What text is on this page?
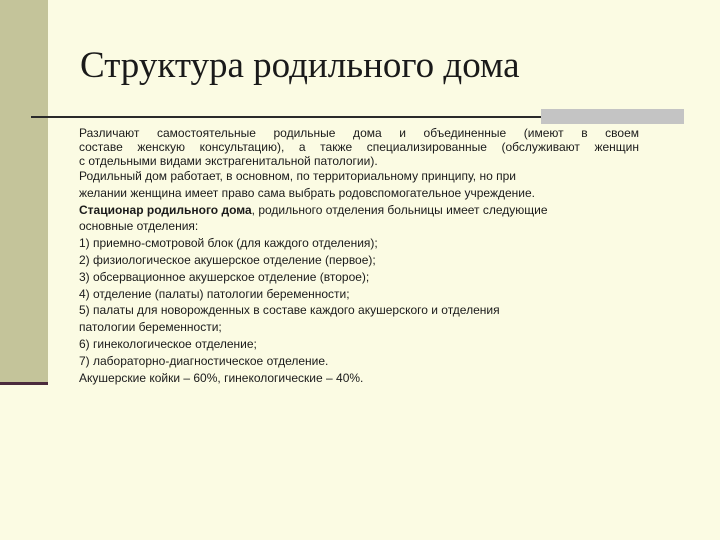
Структура родильного дома

Различают самостоятельные родильные дома и объединенные (имеют в своем
составе женскую консультацию), а также специализированные (обслуживают женщин
с отдельными видами экстрагенитальной патологии).

Родильный дом работает, в основном, по территориальному принципу, но при

желании женщина имеет право сама выбрать родовспомогательное учреждение.

Стационар родильного дома, родильного отделения больницы имеет следующие

основные отделения:

1) приемно-смотровой блок (для каждого отделения);

2) физиологическое акушерское отделение (первое);

3) обсервационное акушерское отделение (второе);

4) отделение (палаты) патологии беременности;

5) палаты для новорожденных в составе каждого акушерского и отделения

патологии беременности;

6) гинекологическое отделение;

7) лабораторно-диагностическое отделение.

Акушерские койки – 60%, гинекологические – 40%.
